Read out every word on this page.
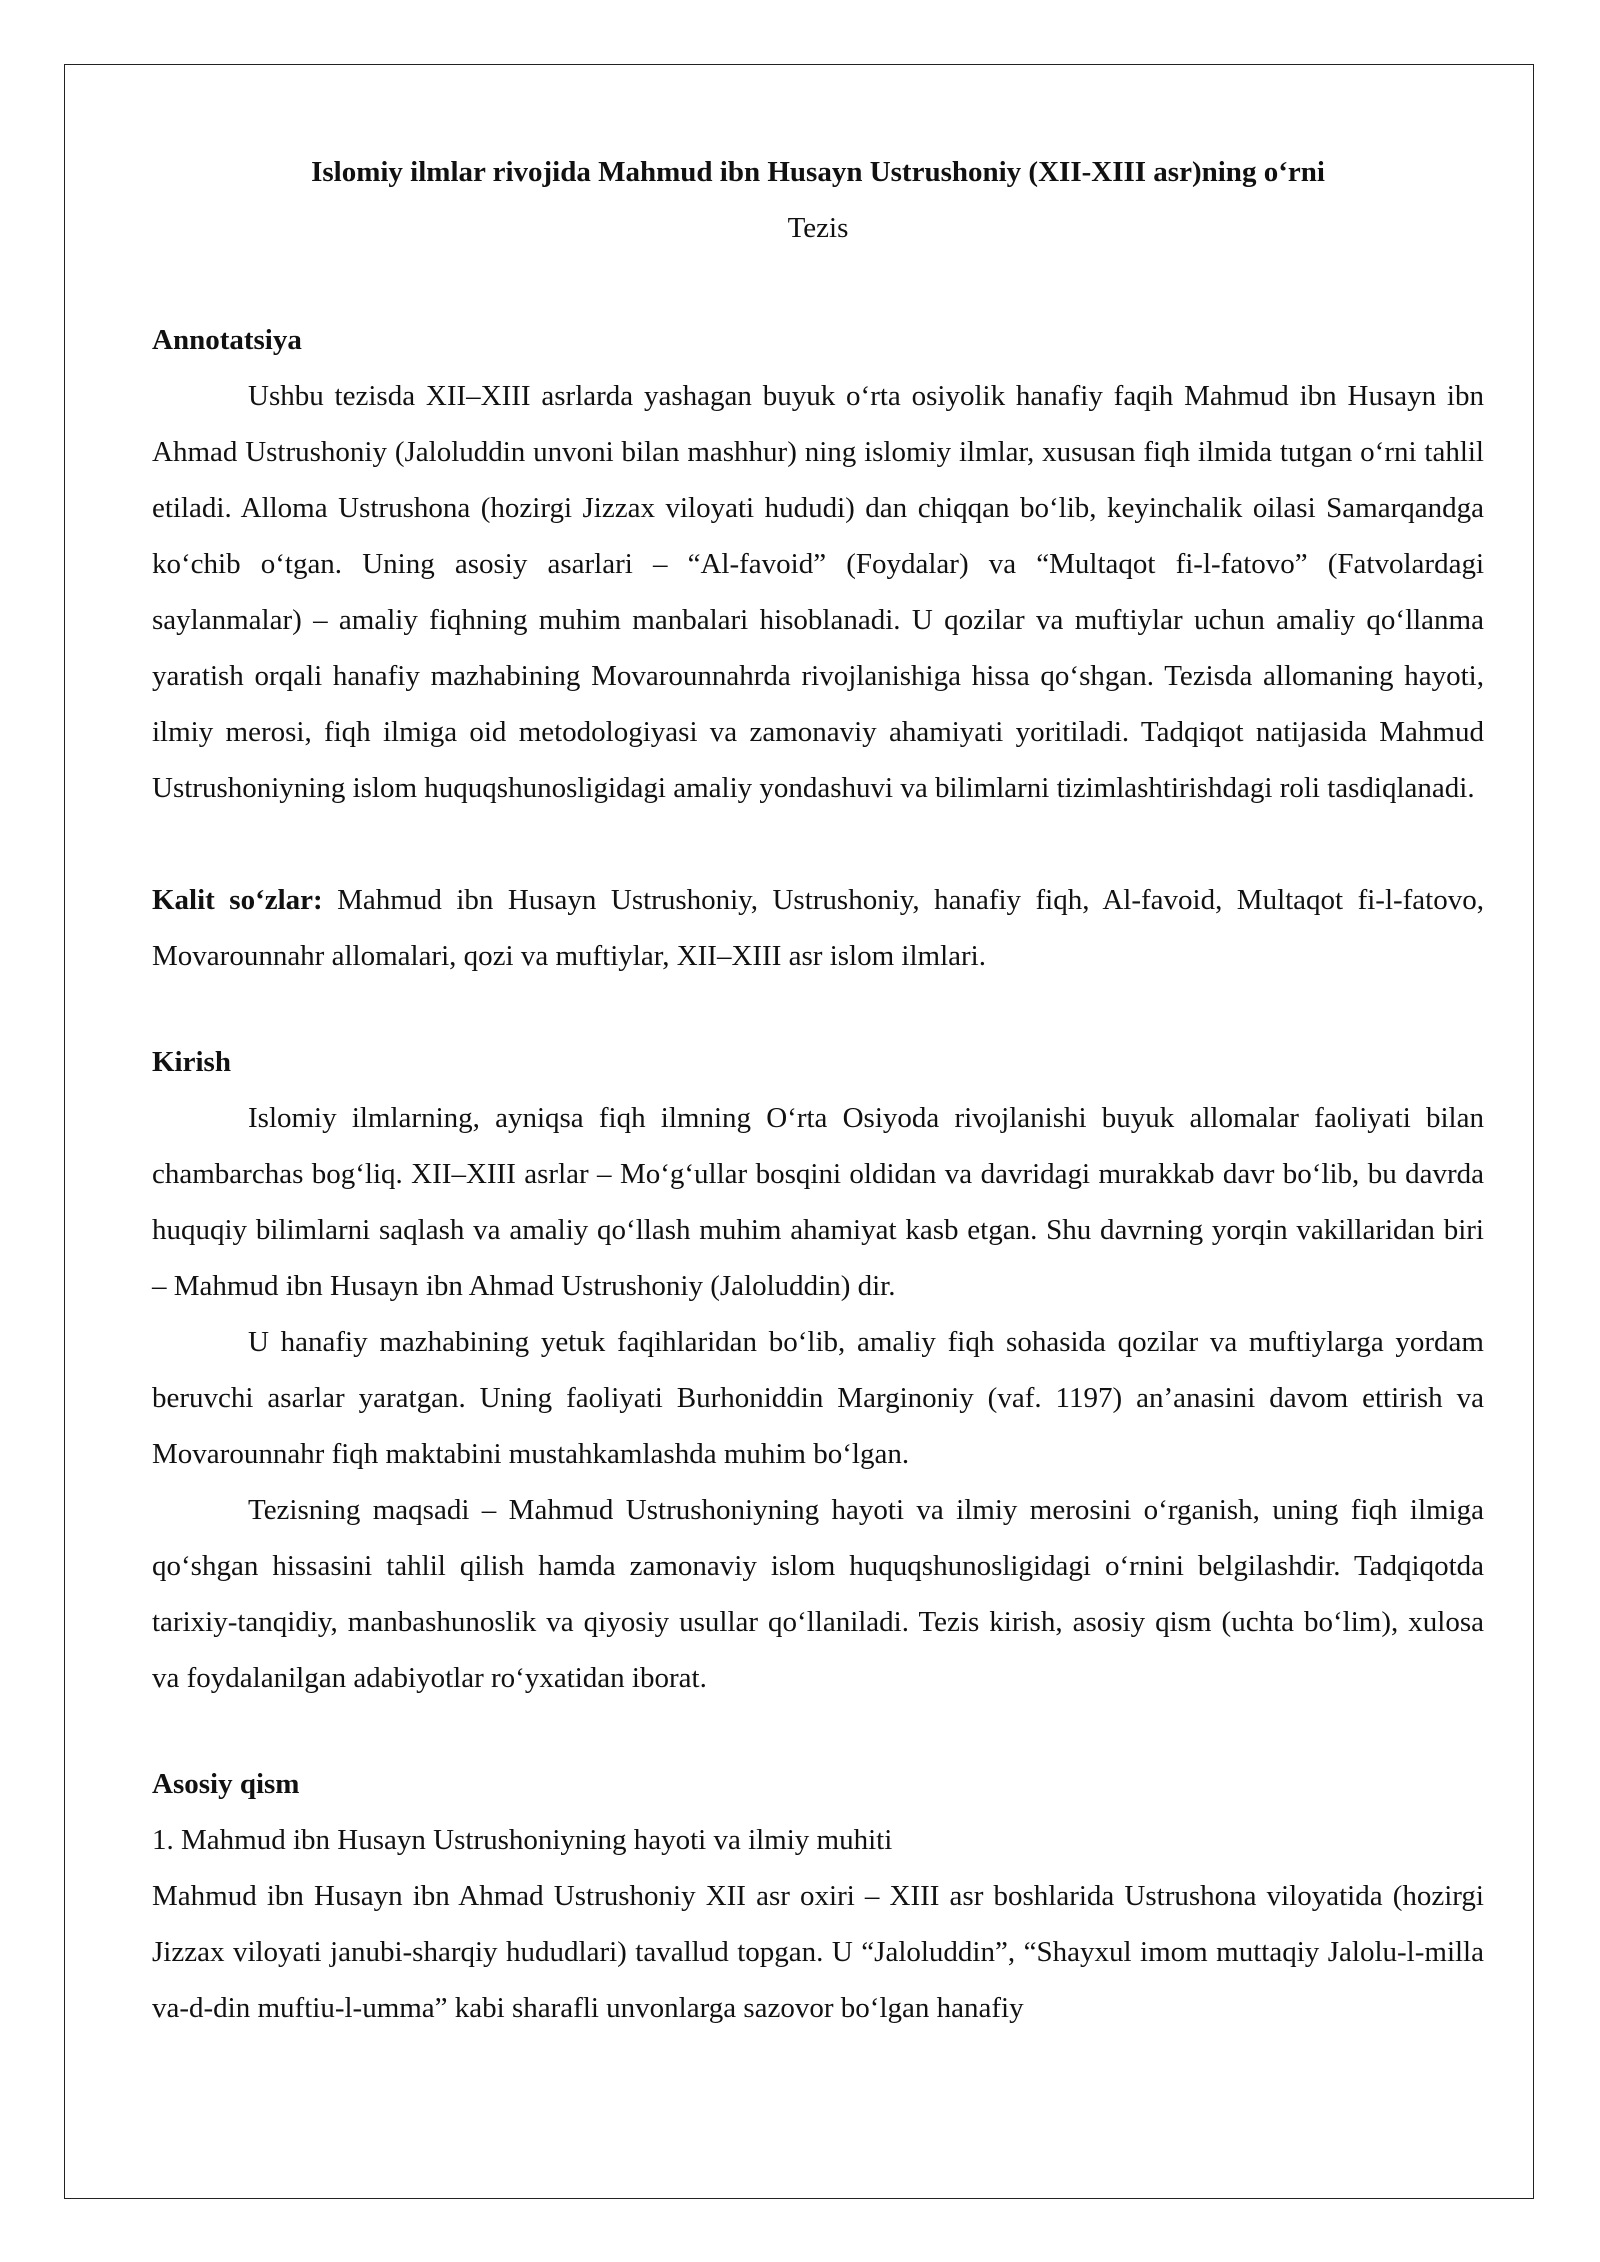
Islomiy ilmlar rivojida Mahmud ibn Husayn Ustrushoniy (XII-XIII asr)ning o‘rni
Tezis
Annotatsiya
Ushbu tezisda XII–XIII asrlarda yashagan buyuk o‘rta osiyolik hanafiy faqih Mahmud ibn Husayn ibn Ahmad Ustrushoniy (Jaloluddin unvoni bilan mashhur) ning islomiy ilmlar, xususan fiqh ilmida tutgan o‘rni tahlil etiladi. Alloma Ustrushona (hozirgi Jizzax viloyati hududi) dan chiqqan bo‘lib, keyinchalik oilasi Samarqandga ko‘chib o‘tgan. Uning asosiy asarlari – “Al-favoid” (Foydalar) va “Multaqot fi-l-fatovo” (Fatvolardagi saylanmalar) – amaliy fiqhning muhim manbalari hisoblanadi. U qozilar va muftiylar uchun amaliy qo‘llanma yaratish orqali hanafiy mazhabining Movarounnahrda rivojlanishiga hissa qo‘shgan. Tezisda allomaning hayoti, ilmiy merosi, fiqh ilmiga oid metodologiyasi va zamonaviy ahamiyati yoritiladi. Tadqiqot natijasida Mahmud Ustrushoniyning islom huquqshunosligidagi amaliy yondashuvi va bilimlarni tizimlashtirishdagi roli tasdiqlanadi.
Kalit so‘zlar: Mahmud ibn Husayn Ustrushoniy, Ustrushoniy, hanafiy fiqh, Al-favoid, Multaqot fi-l-fatovo, Movarounnahr allomalari, qozi va muftiylar, XII–XIII asr islom ilmlari.
Kirish
Islomiy ilmlarning, ayniqsa fiqh ilmning O‘rta Osiyoda rivojlanishi buyuk allomalar faoliyati bilan chambarchas bog‘liq. XII–XIII asrlar – Mo‘g‘ullar bosqini oldidan va davridagi murakkab davr bo‘lib, bu davrda huquqiy bilimlarni saqlash va amaliy qo‘llash muhim ahamiyat kasb etgan. Shu davrning yorqin vakillaridan biri – Mahmud ibn Husayn ibn Ahmad Ustrushoniy (Jaloluddin) dir.
U hanafiy mazhabining yetuk faqihlaridan bo‘lib, amaliy fiqh sohasida qozilar va muftiylarga yordam beruvchi asarlar yaratgan. Uning faoliyati Burhoniddin Marginoniy (vaf. 1197) an’anasini davom ettirish va Movarounnahr fiqh maktabini mustahkamlashda muhim bo‘lgan.
Tezisning maqsadi – Mahmud Ustrushoniyning hayoti va ilmiy merosini o‘rganish, uning fiqh ilmiga qo‘shgan hissasini tahlil qilish hamda zamonaviy islom huquqshunosligidagi o‘rnini belgilashdir. Tadqiqotda tarixiy-tanqidiy, manbashunoslik va qiyosiy usullar qo‘llaniladi. Tezis kirish, asosiy qism (uchta bo‘lim), xulosa va foydalanilgan adabiyotlar ro‘yxatidan iborat.
Asosiy qism
1. Mahmud ibn Husayn Ustrushoniyning hayoti va ilmiy muhiti
Mahmud ibn Husayn ibn Ahmad Ustrushoniy XII asr oxiri – XIII asr boshlarida Ustrushona viloyatida (hozirgi Jizzax viloyati janubi-sharqiy hududlari) tavallud topgan. U “Jaloluddin”, “Shayxul imom muttaqiy Jalolu-l-milla va-d-din muftiu-l-umma” kabi sharafli unvonlarga sazovor bo‘lgan hanafiy
